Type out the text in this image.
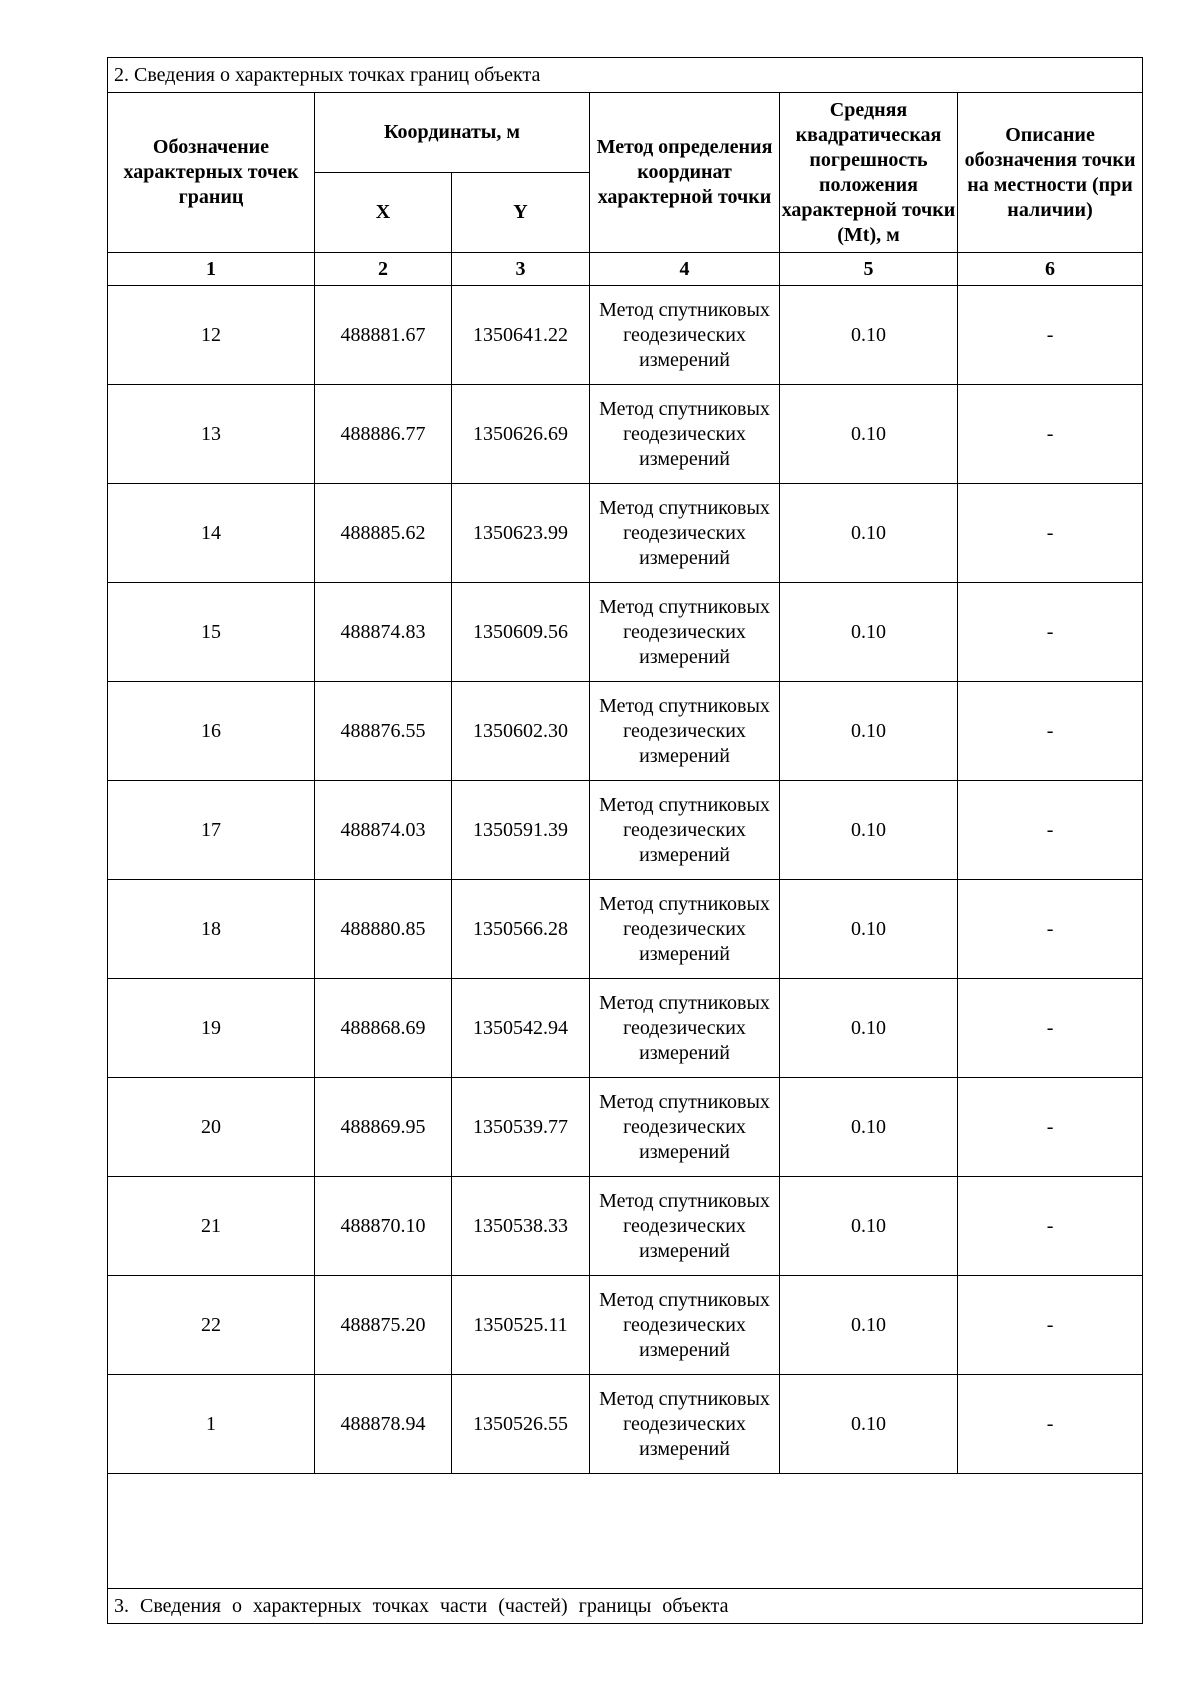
2. Сведения о характерных точках границ объекта					
Обозначение характерных точек границ	Координаты, м		Метод определения координат характерной точки	Средняя квадратическая погрешность положения характерной точки (Mt), м	Описание обозначения точки на местности (при наличии)
	X	Y			
1	2	3	4	5	6
12	488881.67	1350641.22	Метод спутниковых геодезических измерений	0.10	-
13	488886.77	1350626.69	Метод спутниковых геодезических измерений	0.10	-
14	488885.62	1350623.99	Метод спутниковых геодезических измерений	0.10	-
15	488874.83	1350609.56	Метод спутниковых геодезических измерений	0.10	-
16	488876.55	1350602.30	Метод спутниковых геодезических измерений	0.10	-
17	488874.03	1350591.39	Метод спутниковых геодезических измерений	0.10	-
18	488880.85	1350566.28	Метод спутниковых геодезических измерений	0.10	-
19	488868.69	1350542.94	Метод спутниковых геодезических измерений	0.10	-
20	488869.95	1350539.77	Метод спутниковых геодезических измерений	0.10	-
21	488870.10	1350538.33	Метод спутниковых геодезических измерений	0.10	-
22	488875.20	1350525.11	Метод спутниковых геодезических измерений	0.10	-
1	488878.94	1350526.55	Метод спутниковых геодезических измерений	0.10	-

3. Сведения о характерных точках части (частей) границы объекта					
